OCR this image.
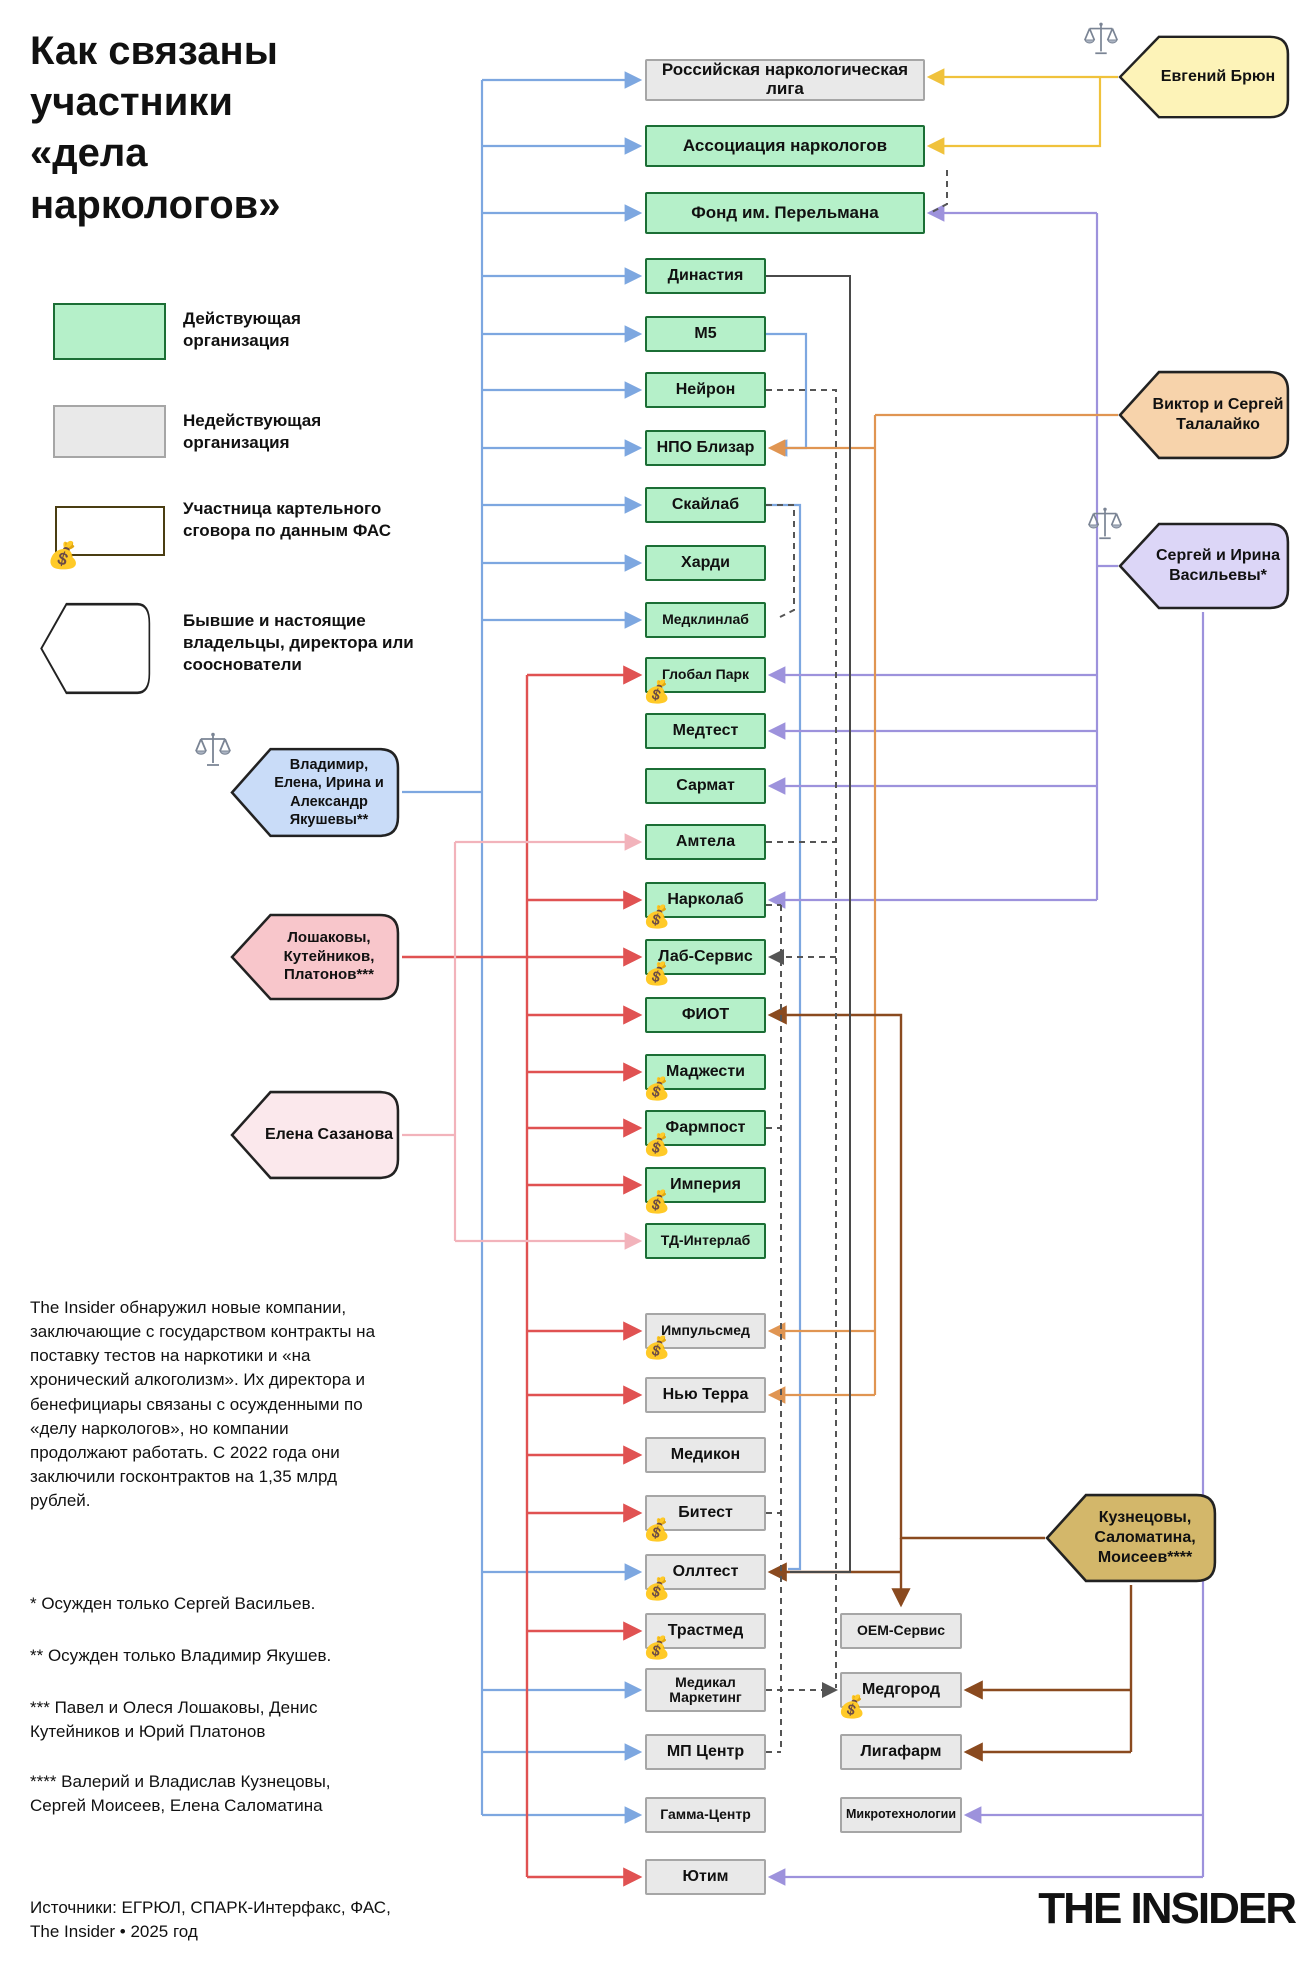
Как связаны участники «дела наркологов»
Действующая организация
Недействующая организация
💰
Участница картельного сговора по данным ФАС
Бывшие и настоящие владельцы, директора или сооснователи
Евгений Брюн
Виктор и Сергей Талалайко
Сергей и Ирина Васильевы*
Кузнецовы, Саломатина, Моисеев****
Владимир, Елена, Ирина и Александр Якушевы**
Лошаковы, Кутейников, Платонов***
Елена Сазанова
Российская наркологическая лига
Ассоциация наркологов
Фонд им. Перельмана
Династия
М5
Нейрон
НПО Близар
Скайлаб
Харди
Медклинлаб
Глобал Парк
💰
Медтест
Сармат
Амтела
Нарколаб
💰
Лаб-Сервис
💰
ФИОТ
Маджести
💰
Фармпост
💰
Империя
💰
ТД-Интерлаб
Импульсмед
💰
Нью Терра
Медикон
Битест
💰
Оллтест
💰
Трастмед
💰
Медикал Маркетинг
МП Центр
Гамма-Центр
Ютим
ОЕМ-Сервис
Медгород
💰
Лигафарм
Микротехнологии
The Insider обнаружил новые компании, заключающие с государством контракты на поставку тестов на наркотики и «на хронический алкоголизм». Их директора и бенефициары связаны с осужденными по «делу наркологов», но компании продолжают работать. С 2022 года они заключили госконтрактов на 1,35 млрд рублей.
* Осужден только Сергей Васильев.
** Осужден только Владимир Якушев.
*** Павел и Олеся Лошаковы, Денис Кутейников и Юрий Платонов
**** Валерий и Владислав Кузнецовы, Сергей Моисеев, Елена Саломатина
Источники: ЕГРЮЛ, СПАРК-Интерфакс, ФАС, The Insider • 2025 год	THE INSIDER
